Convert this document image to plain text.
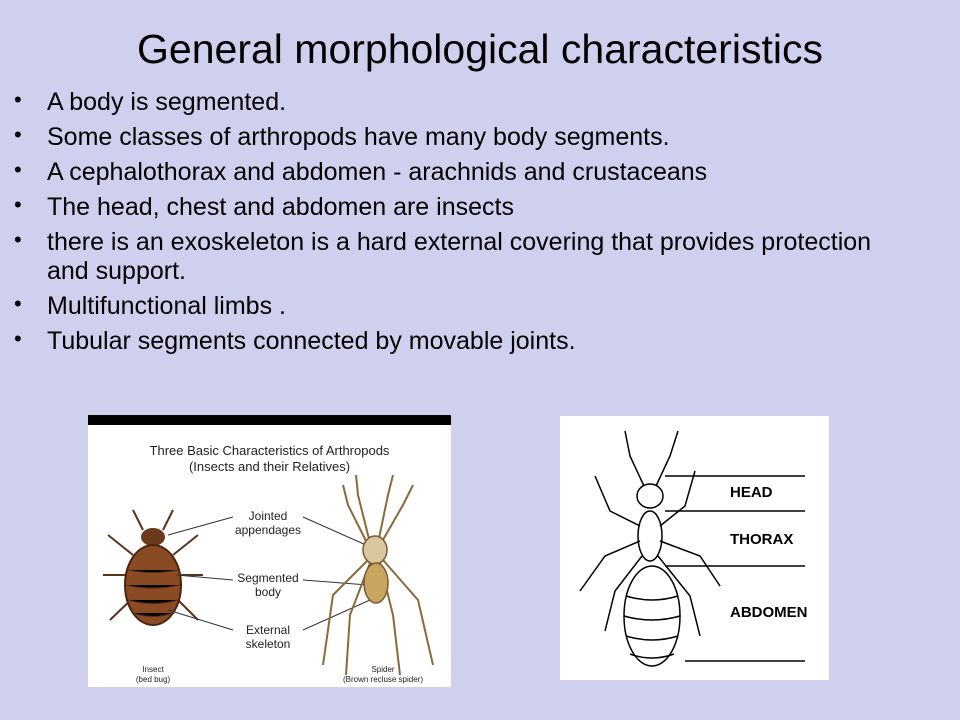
General morphological characteristics
• A body is segmented.
• Some classes of arthropods have many body segments.
• A cephalothorax and abdomen - arachnids and crustaceans
• The head, chest and abdomen are insects
• there is an exoskeleton is a hard external covering that provides protection and support.
• Multifunctional limbs .
• Tubular segments connected by movable joints.
Three Basic Characteristics of Arthropods
(Insects and their Relatives)
Jointed
appendages
Segmented
body
External
skeleton
Insect
(bed bug)
Spider
(Brown recluse spider)
HEAD
THORAX
ABDOMEN
